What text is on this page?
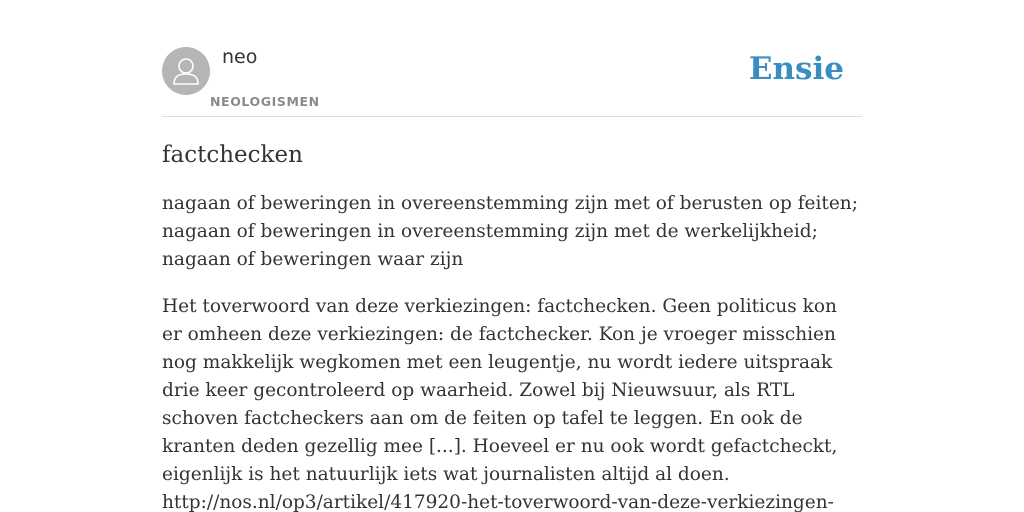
neo
NEOLOGISMEN
Ensie
factchecken

nagaan of beweringen in overeenstemming zijn met of berusten op feiten; nagaan of beweringen in overeenstemming zijn met de werkelijkheid; nagaan of beweringen waar zijn

Het toverwoord van deze verkiezingen: factchecken. Geen politicus kon er omheen deze verkiezingen: de factchecker. Kon je vroeger misschien nog makkelijk wegkomen met een leugentje, nu wordt iedere uitspraak drie keer gecontroleerd op waarheid. Zowel bij Nieuwsuur, als RTL schoven factcheckers aan om de feiten op tafel te leggen. En ook de kranten deden gezellig mee [...]. Hoeveel er nu ook wordt gefactcheckt, eigenlijk is het natuurlijk iets wat journalisten altijd al doen.
http://nos.nl/op3/artikel/417920-het-toverwoord-van-deze-verkiezingen-
